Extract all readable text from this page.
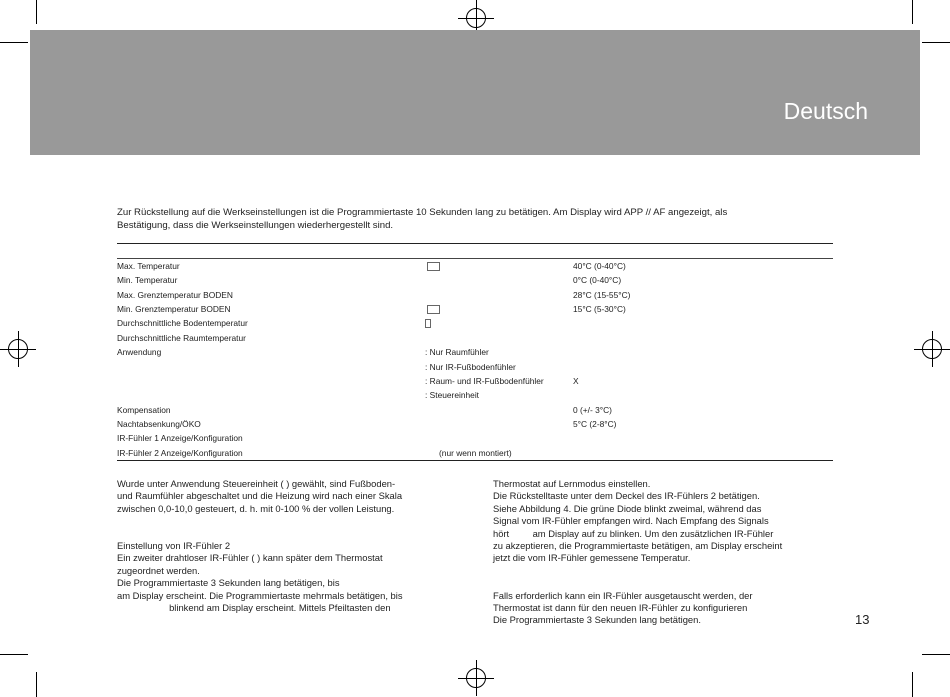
Deutsch
Zur Rückstellung auf die Werkseinstellungen ist die Programmiertaste 10 Sekunden lang zu betätigen. Am Display wird APP // AF angezeigt, als
Bestätigung, dass die Werkseinstellungen wiederhergestellt sind.
Max. Temperatur	40°C (0-40°C)
Min. Temperatur	0°C (0-40°C)
Max. Grenztemperatur BODEN	28°C (15-55°C)
Min. Grenztemperatur BODEN	15°C (5-30°C)
Durchschnittliche Bodentemperatur
Durchschnittliche Raumtemperatur
Anwendung	: Nur Raumfühler
: Nur IR-Fußbodenfühler
: Raum- und IR-Fußbodenfühler	X
: Steuereinheit
Kompensation	0 (+/- 3°C)
Nachtabsenkung/ÖKO	5°C (2-8°C)
IR-Fühler 1 Anzeige/Konfiguration
IR-Fühler 2 Anzeige/Konfiguration	(nur wenn montiert)

Wurde unter Anwendung Steuereinheit ( ) gewählt, sind Fußboden-

und Raumfühler abgeschaltet und die Heizung wird nach einer Skala

zwischen 0,0-10,0 gesteuert, d. h. mit 0-100 % der vollen Leistung.

Einstellung von IR-Fühler 2

Ein zweiter drahtloser IR-Fühler ( ) kann später dem Thermostat

zugeordnet werden.

Die Programmiertaste 3 Sekunden lang betätigen, bis

am Display erscheint. Die Programmiertaste mehrmals betätigen, bis

blinkend am Display erscheint. Mittels Pfeiltasten den

Thermostat auf Lernmodus einstellen.

Die Rückstelltaste unter dem Deckel des IR-Fühlers 2 betätigen.

Siehe Abbildung 4. Die grüne Diode blinkt zweimal, während das

Signal vom IR-Fühler empfangen wird. Nach Empfang des Signals

hört         am Display auf zu blinken. Um den zusätzlichen IR-Fühler

zu akzeptieren, die Programmiertaste betätigen, am Display erscheint

jetzt die vom IR-Fühler gemessene Temperatur.

Falls erforderlich kann ein IR-Fühler ausgetauscht werden, der

Thermostat ist dann für den neuen IR-Fühler zu konfigurieren

Die Programmiertaste 3 Sekunden lang betätigen.	13
